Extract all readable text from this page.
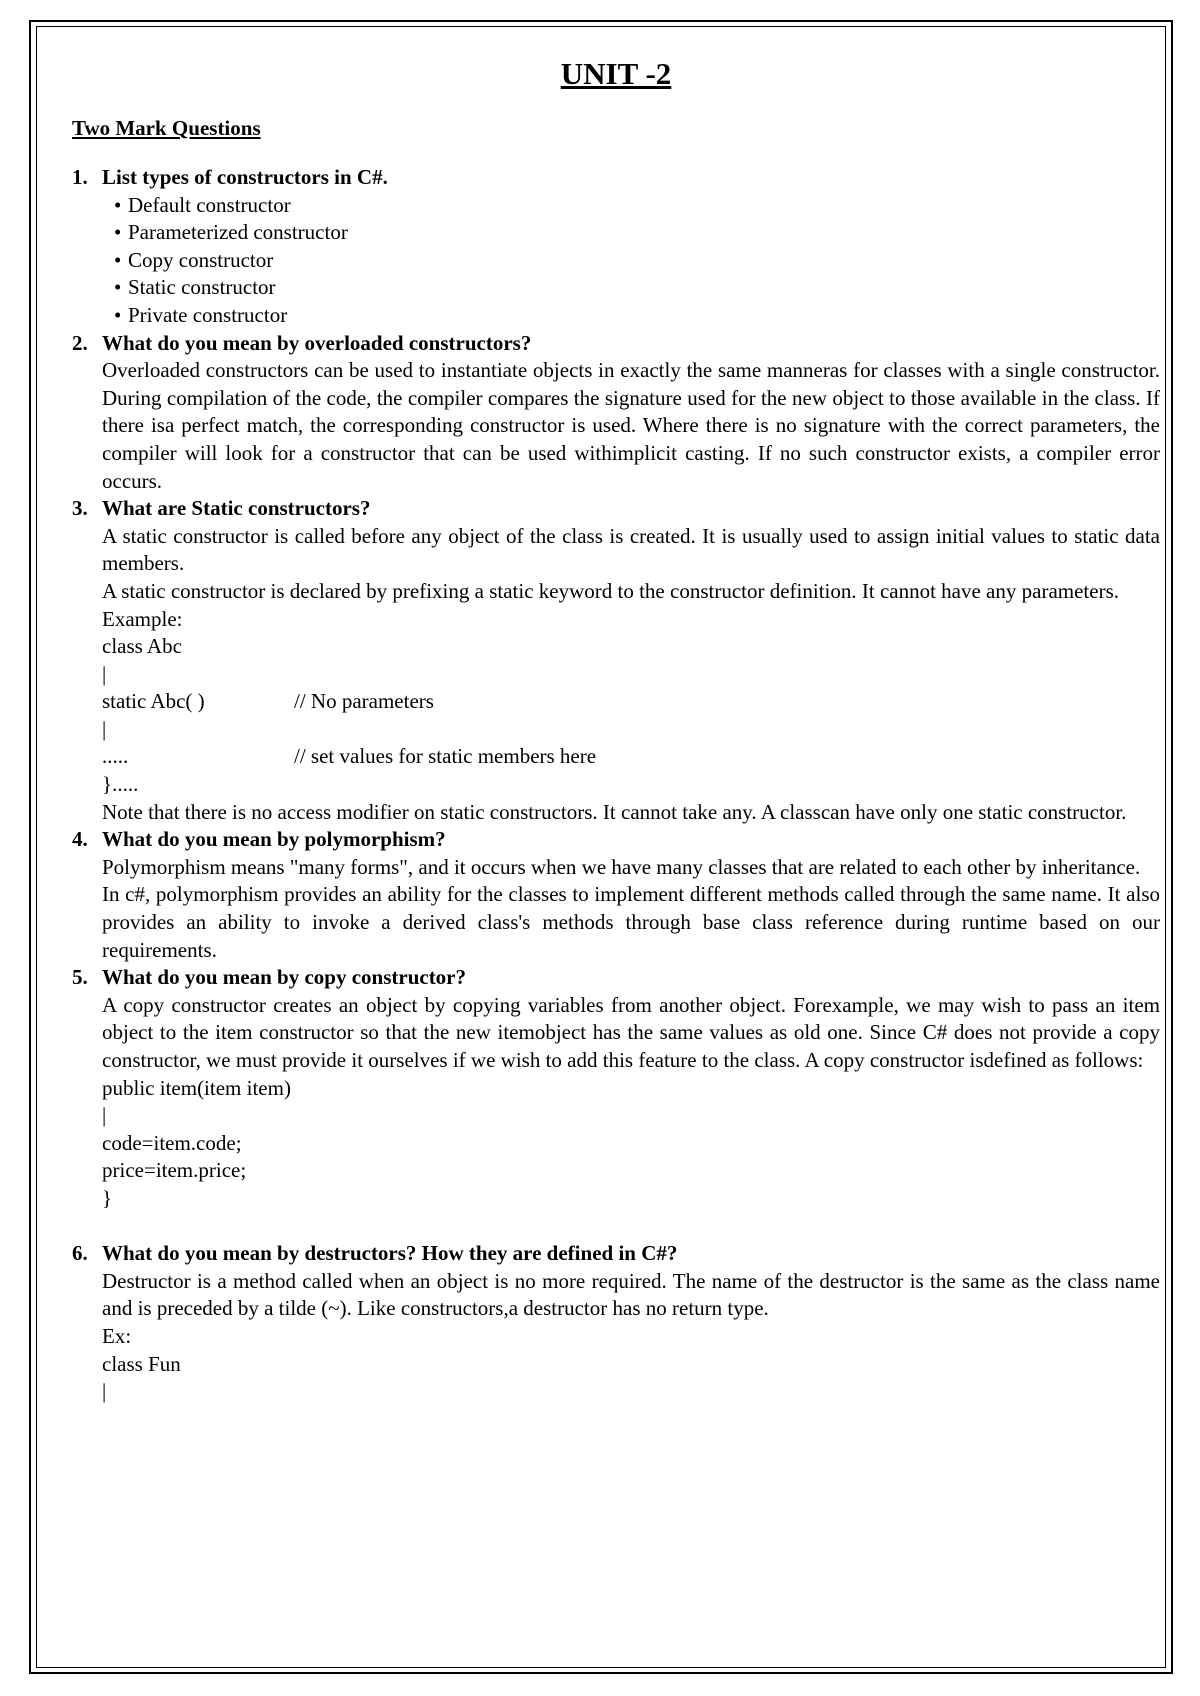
UNIT -2
Two Mark Questions
1. List types of constructors in C#.
• Default constructor
• Parameterized constructor
• Copy constructor
• Static constructor
• Private constructor
2. What do you mean by overloaded constructors?
Overloaded constructors can be used to instantiate objects in exactly the same manneras for classes with a single constructor. During compilation of the code, the compiler compares the signature used for the new object to those available in the class. If there isa perfect match, the corresponding constructor is used. Where there is no signature with the correct parameters, the compiler will look for a constructor that can be used withimplicit casting. If no such constructor exists, a compiler error occurs.
3. What are Static constructors?
A static constructor is called before any object of the class is created. It is usually used to assign initial values to static data members.
A static constructor is declared by prefixing a static keyword to the constructor definition. It cannot have any parameters.
Example:
class Abc
|
static Abc( )	// No parameters
|
.....	// set values for static members here
}.....
Note that there is no access modifier on static constructors. It cannot take any. A classcan have only one static constructor.
4. What do you mean by polymorphism?
Polymorphism means "many forms", and it occurs when we have many classes that are related to each other by inheritance.
In c#, polymorphism provides an ability for the classes to implement different methods called through the same name. It also provides an ability to invoke a derived class's methods through base class reference during runtime based on our requirements.
5. What do you mean by copy constructor?
A copy constructor creates an object by copying variables from another object. Forexample, we may wish to pass an item object to the item constructor so that the new itemobject has the same values as old one. Since C# does not provide a copy constructor, we must provide it ourselves if we wish to add this feature to the class. A copy constructor isdefined as follows:
public item(item item)
|
code=item.code;
price=item.price;
}
6. What do you mean by destructors? How they are defined in C#?
Destructor is a method called when an object is no more required. The name of the destructor is the same as the class name and is preceded by a tilde (~). Like constructors,a destructor has no return type.
Ex:
class Fun
|
